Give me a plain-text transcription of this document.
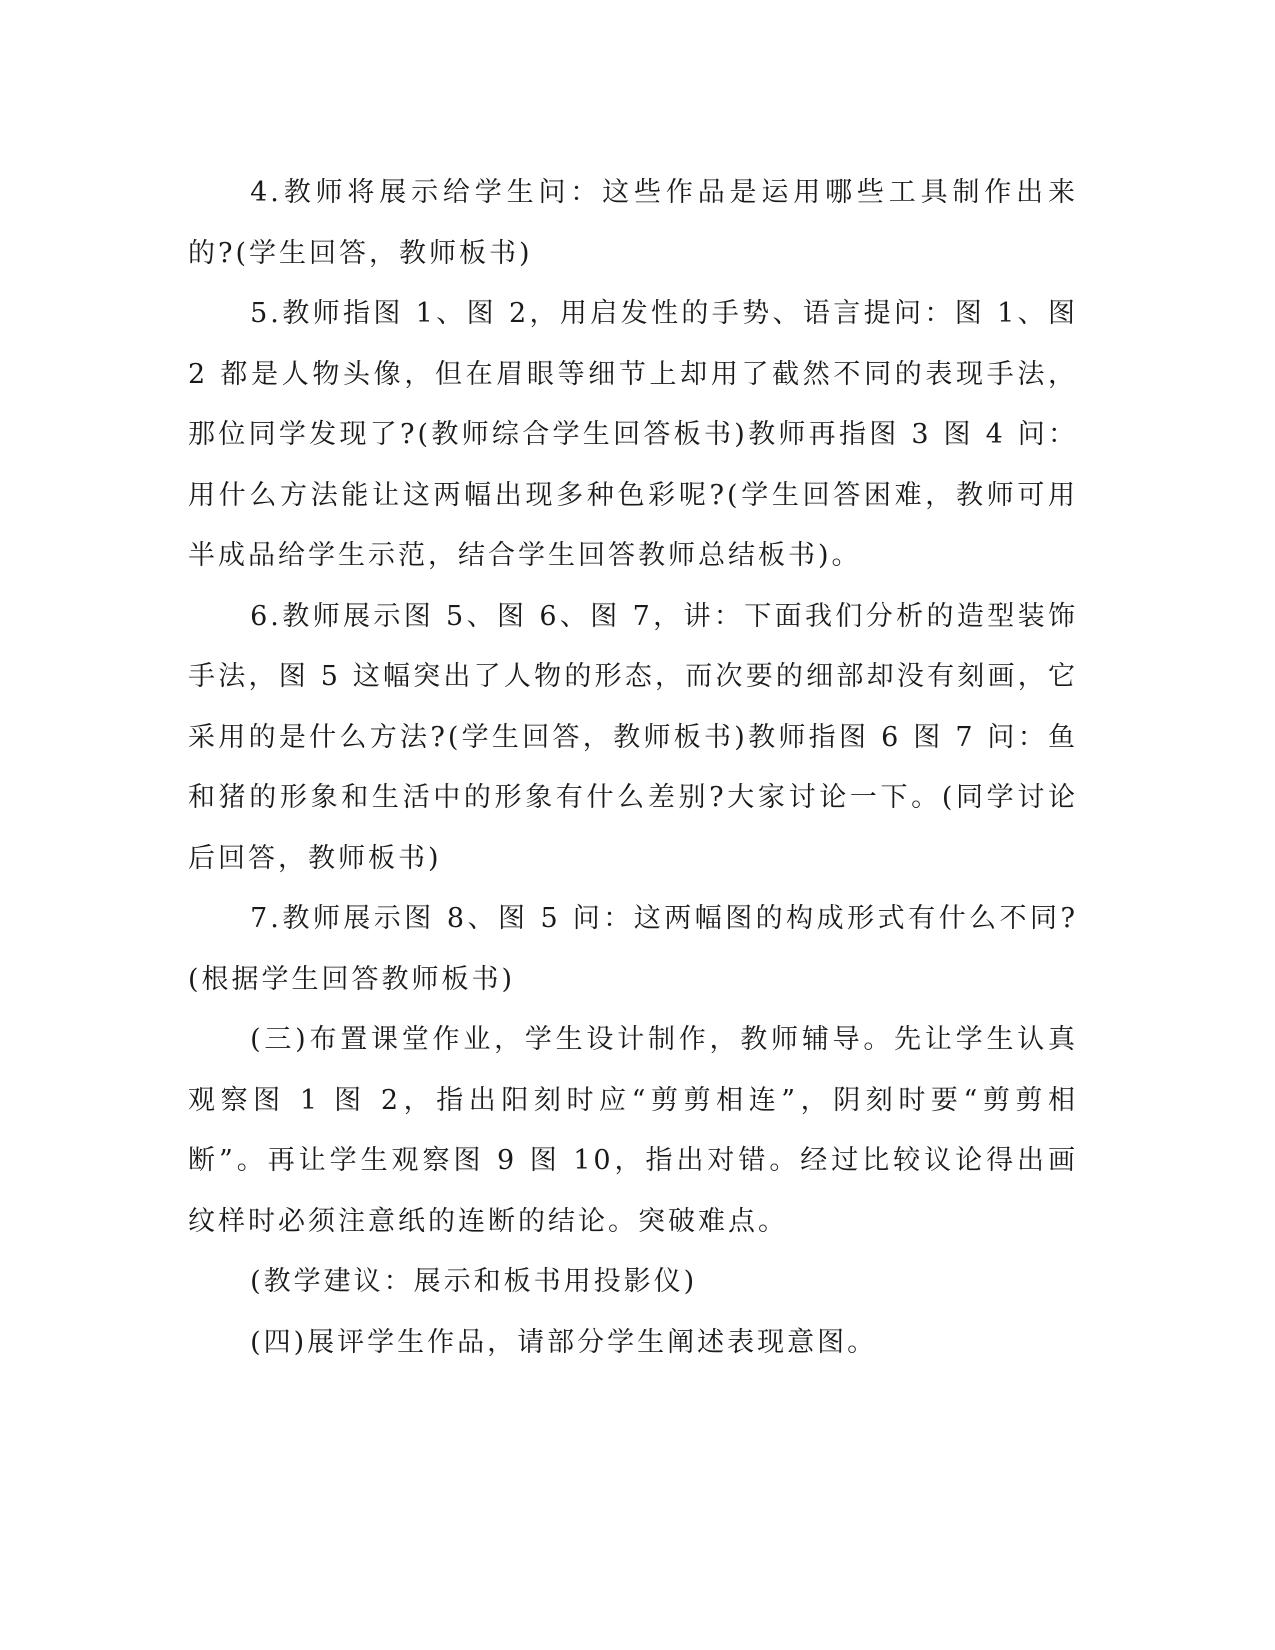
4.教师将展示给学生问：这些作品是运用哪些工具制作出来的?(学生回答，教师板书)

5.教师指图 1、图 2，用启发性的手势、语言提问：图 1、图 2 都是人物头像，但在眉眼等细节上却用了截然不同的表现手法，那位同学发现了?(教师综合学生回答板书)教师再指图 3 图 4 问：用什么方法能让这两幅出现多种色彩呢?(学生回答困难，教师可用半成品给学生示范，结合学生回答教师总结板书)。

6.教师展示图 5、图 6、图 7，讲：下面我们分析的造型装饰手法，图 5 这幅突出了人物的形态，而次要的细部却没有刻画，它采用的是什么方法?(学生回答，教师板书)教师指图 6 图 7 问：鱼和猪的形象和生活中的形象有什么差别?大家讨论一下。(同学讨论后回答，教师板书)

7.教师展示图 8、图 5 问：这两幅图的构成形式有什么不同?(根据学生回答教师板书)

(三)布置课堂作业，学生设计制作，教师辅导。先让学生认真观察图 1 图 2，指出阳刻时应“剪剪相连”，阴刻时要“剪剪相断”。再让学生观察图 9 图 10，指出对错。经过比较议论得出画纹样时必须注意纸的连断的结论。突破难点。

(教学建议：展示和板书用投影仪)

(四)展评学生作品，请部分学生阐述表现意图。
